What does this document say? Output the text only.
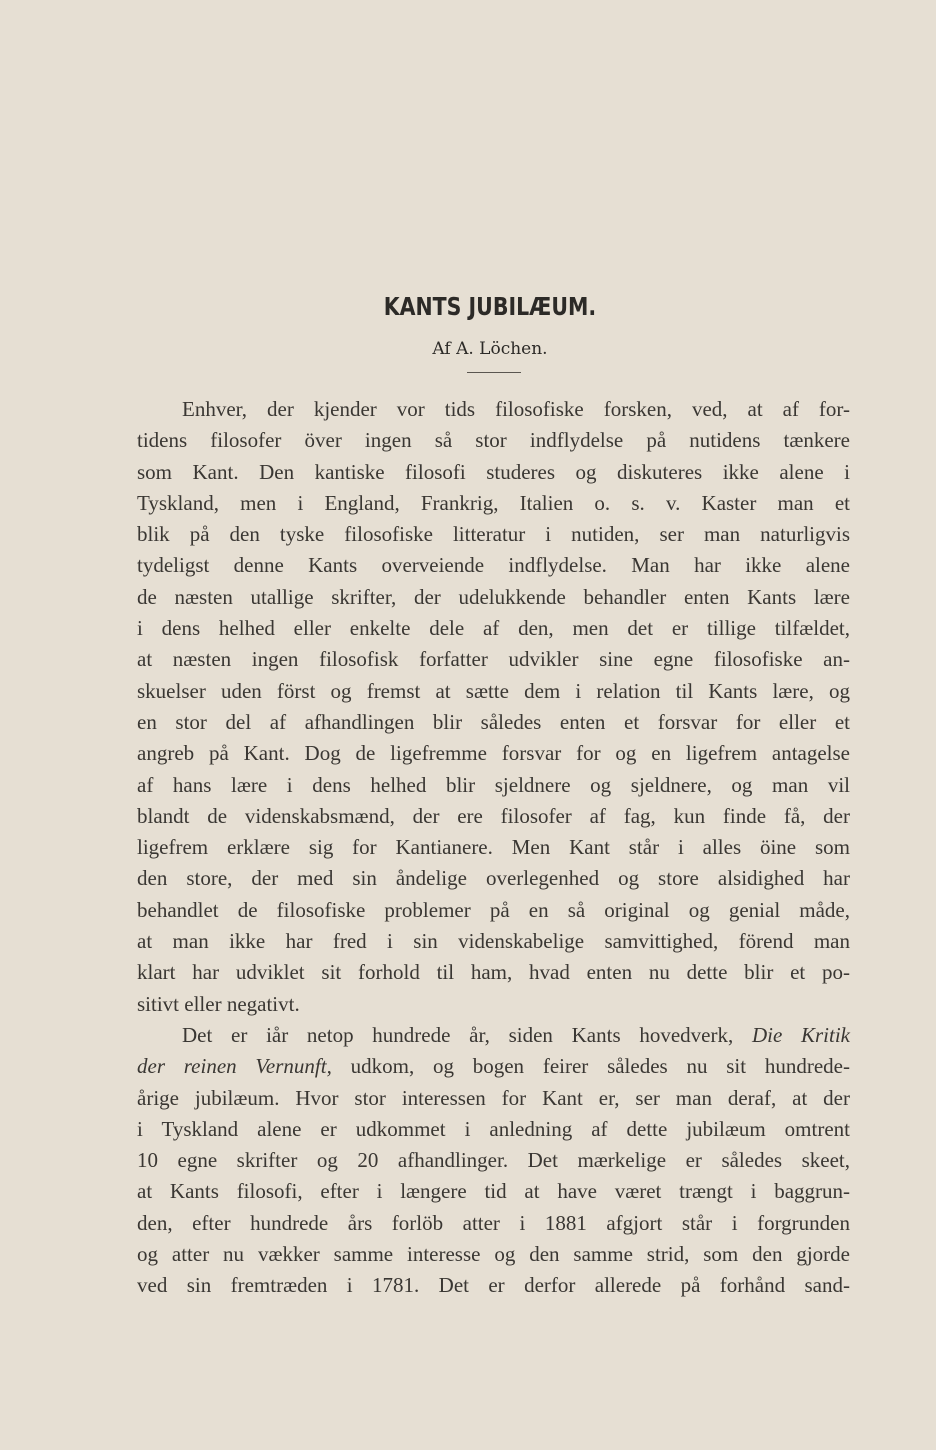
KANTS JUBILÆUM.
Af A. Löchen.
Enhver, der kjender vor tids filosofiske forsken, ved, at af for-
tidens filosofer över ingen så stor indflydelse på nutidens tænkere
som Kant. Den kantiske filosofi studeres og diskuteres ikke alene i
Tyskland, men i England, Frankrig, Italien o. s. v. Kaster man et
blik på den tyske filosofiske litteratur i nutiden, ser man naturligvis
tydeligst denne Kants overveiende indflydelse. Man har ikke alene
de næsten utallige skrifter, der udelukkende behandler enten Kants lære
i dens helhed eller enkelte dele af den, men det er tillige tilfældet,
at næsten ingen filosofisk forfatter udvikler sine egne filosofiske an-
skuelser uden först og fremst at sætte dem i relation til Kants lære, og
en stor del af afhandlingen blir således enten et forsvar for eller et
angreb på Kant. Dog de ligefremme forsvar for og en ligefrem antagelse
af hans lære i dens helhed blir sjeldnere og sjeldnere, og man vil
blandt de videnskabsmænd, der ere filosofer af fag, kun finde få, der
ligefrem erklære sig for Kantianere. Men Kant står i alles öine som
den store, der med sin åndelige overlegenhed og store alsidighed har
behandlet de filosofiske problemer på en så original og genial måde,
at man ikke har fred i sin videnskabelige samvittighed, förend man
klart har udviklet sit forhold til ham, hvad enten nu dette blir et po-
sitivt eller negativt.
Det er iår netop hundrede år, siden Kants hovedverk, Die Kritik
der reinen Vernunft, udkom, og bogen feirer således nu sit hundrede-
årige jubilæum. Hvor stor interessen for Kant er, ser man deraf, at der
i Tyskland alene er udkommet i anledning af dette jubilæum omtrent
10 egne skrifter og 20 afhandlinger. Det mærkelige er således skeet,
at Kants filosofi, efter i længere tid at have været trængt i baggrun-
den, efter hundrede års forlöb atter i 1881 afgjort står i forgrunden
og atter nu vækker samme interesse og den samme strid, som den gjorde
ved sin fremtræden i 1781. Det er derfor allerede på forhånd sand-
